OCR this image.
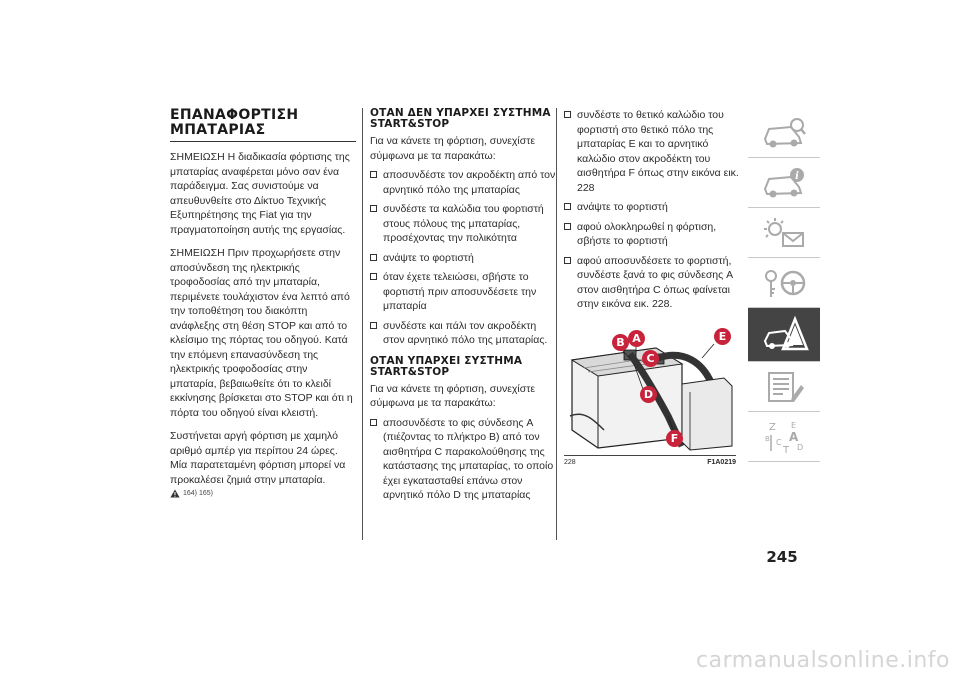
ΕΠΑΝΑΦΟΡΤΙΣΗ ΜΠΑΤΑΡΙΑΣ

ΣΗΜΕΙΩΣΗ Η διαδικασία φόρτισης της μπαταρίας αναφέρεται μόνο σαν ένα παράδειγμα. Σας συνιστούμε να απευθυνθείτε στο Δίκτυο Τεχνικής Εξυπηρέτησης της Fiat για την πραγματοποίηση αυτής της εργασίας.

ΣΗΜΕΙΩΣΗ Πριν προχωρήσετε στην αποσύνδεση της ηλεκτρικής τροφοδοσίας από την μπαταρία, περιμένετε τουλάχιστον ένα λεπτό από την τοποθέτηση του διακόπτη ανάφλεξης στη θέση STOP και από το κλείσιμο της πόρτας του οδηγού. Κατά την επόμενη επανασύνδεση της ηλεκτρικής τροφοδοσίας στην μπαταρία, βεβαιωθείτε ότι το κλειδί εκκίνησης βρίσκεται στο STOP και ότι η πόρτα του οδηγού είναι κλειστή.

Συστήνεται αργή φόρτιση με χαμηλό αριθμό αμπέρ για περίπου 24 ώρες. Μία παρατεταμένη φόρτιση μπορεί να προκαλέσει ζημιά στην μπαταρία.

164) 165)
ΟΤΑΝ ΔΕΝ ΥΠΑΡΧΕΙ ΣΥΣΤΗΜΑ START&STOP

Για να κάνετε τη φόρτιση, συνεχίστε σύμφωνα με τα παρακάτω:

αποσυνδέστε τον ακροδέκτη από τον αρνητικό πόλο της μπαταρίας
συνδέστε τα καλώδια του φορτιστή στους πόλους της μπαταρίας, προσέχοντας την πολικότητα
ανάψτε το φορτιστή
όταν έχετε τελειώσει, σβήστε το φορτιστή πριν αποσυνδέσετε την μπαταρία
συνδέστε και πάλι τον ακροδέκτη στον αρνητικό πόλο της μπαταρίας.
ΟΤΑΝ ΥΠΑΡΧΕΙ ΣΥΣΤΗΜΑ START&STOP

Για να κάνετε τη φόρτιση, συνεχίστε σύμφωνα με τα παρακάτω:

αποσυνδέστε το φις σύνδεσης A (πιέζοντας το πλήκτρο B) από τον αισθητήρα C παρακολούθησης της κατάστασης της μπαταρίας, το οποίο έχει εγκατασταθεί επάνω στον αρνητικό πόλο D της μπαταρίας
συνδέστε το θετικό καλώδιο του φορτιστή στο θετικό πόλο της μπαταρίας E και το αρνητικό καλώδιο στον ακροδέκτη του αισθητήρα F όπως στην εικόνα εικ. 228
ανάψτε το φορτιστή
αφού ολοκληρωθεί η φόρτιση, σβήστε το φορτιστή
αφού αποσυνδέσετε το φορτιστή, συνδέστε ξανά το φις σύνδεσης A στον αισθητήρα C όπως φαίνεται στην εικόνα εικ. 228.
B A
C
D
E
F
228	F1A0219
i
Z E
B A
C
T D
245
carmanualsonline.info
